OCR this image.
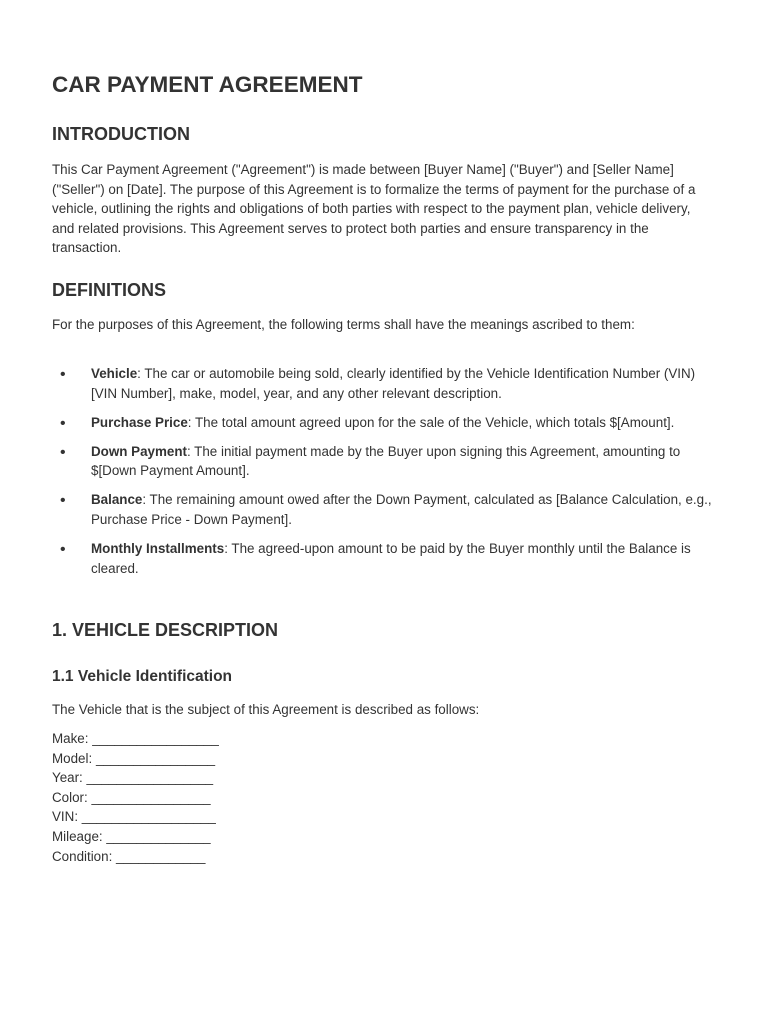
CAR PAYMENT AGREEMENT
INTRODUCTION

This Car Payment Agreement ("Agreement") is made between [Buyer Name] ("Buyer") and [Seller Name] ("Seller") on [Date]. The purpose of this Agreement is to formalize the terms of payment for the purchase of a vehicle, outlining the rights and obligations of both parties with respect to the payment plan, vehicle delivery, and related provisions. This Agreement serves to protect both parties and ensure transparency in the transaction.

DEFINITIONS

For the purposes of this Agreement, the following terms shall have the meanings ascribed to them:

• Vehicle: The car or automobile being sold, clearly identified by the Vehicle Identification Number (VIN) [VIN Number], make, model, year, and any other relevant description.
• Purchase Price: The total amount agreed upon for the sale of the Vehicle, which totals $[Amount].
• Down Payment: The initial payment made by the Buyer upon signing this Agreement, amounting to $[Down Payment Amount].
• Balance: The remaining amount owed after the Down Payment, calculated as [Balance Calculation, e.g., Purchase Price - Down Payment].
• Monthly Installments: The agreed-upon amount to be paid by the Buyer monthly until the Balance is cleared.
1. VEHICLE DESCRIPTION
1.1 Vehicle Identification

The Vehicle that is the subject of this Agreement is described as follows:

Make: _________________
Model: ________________
Year: _________________
Color: ________________
VIN: __________________
Mileage: ______________
Condition: ____________
